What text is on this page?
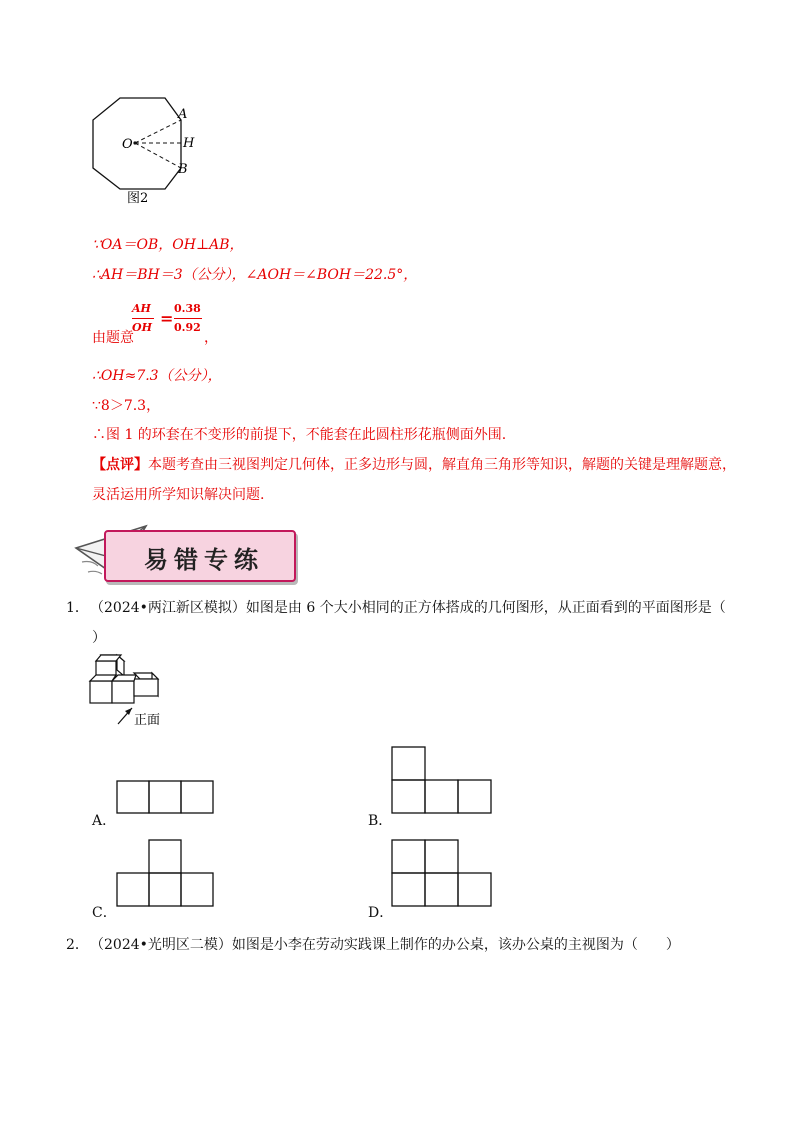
O
A
H
B
图2
∵OA＝OB，OH⊥AB，
∴AH＝BH＝3（公分），∠AOH＝∠BOH＝22.5°，
AH
OH =
0.38
0.92
由题意	，
∴OH≈7.3（公分），
∵8＞7.3，
∴图 1 的环套在不变形的前提下，不能套在此圆柱形花瓶侧面外围.
【点评】本题考查由三视图判定几何体，正多边形与圆，解直角三角形等知识，解题的关键是理解题意，
灵活运用所学知识解决问题.
易错专练
1． （2024•两江新区模拟）如图是由 6 个大小相同的正方体搭成的几何图形，从正面看到的平面图形是（
）
正面
A．	B．
C．	D．
2． （2024•光明区二模）如图是小李在劳动实践课上制作的办公桌，该办公桌的主视图为（　　）
